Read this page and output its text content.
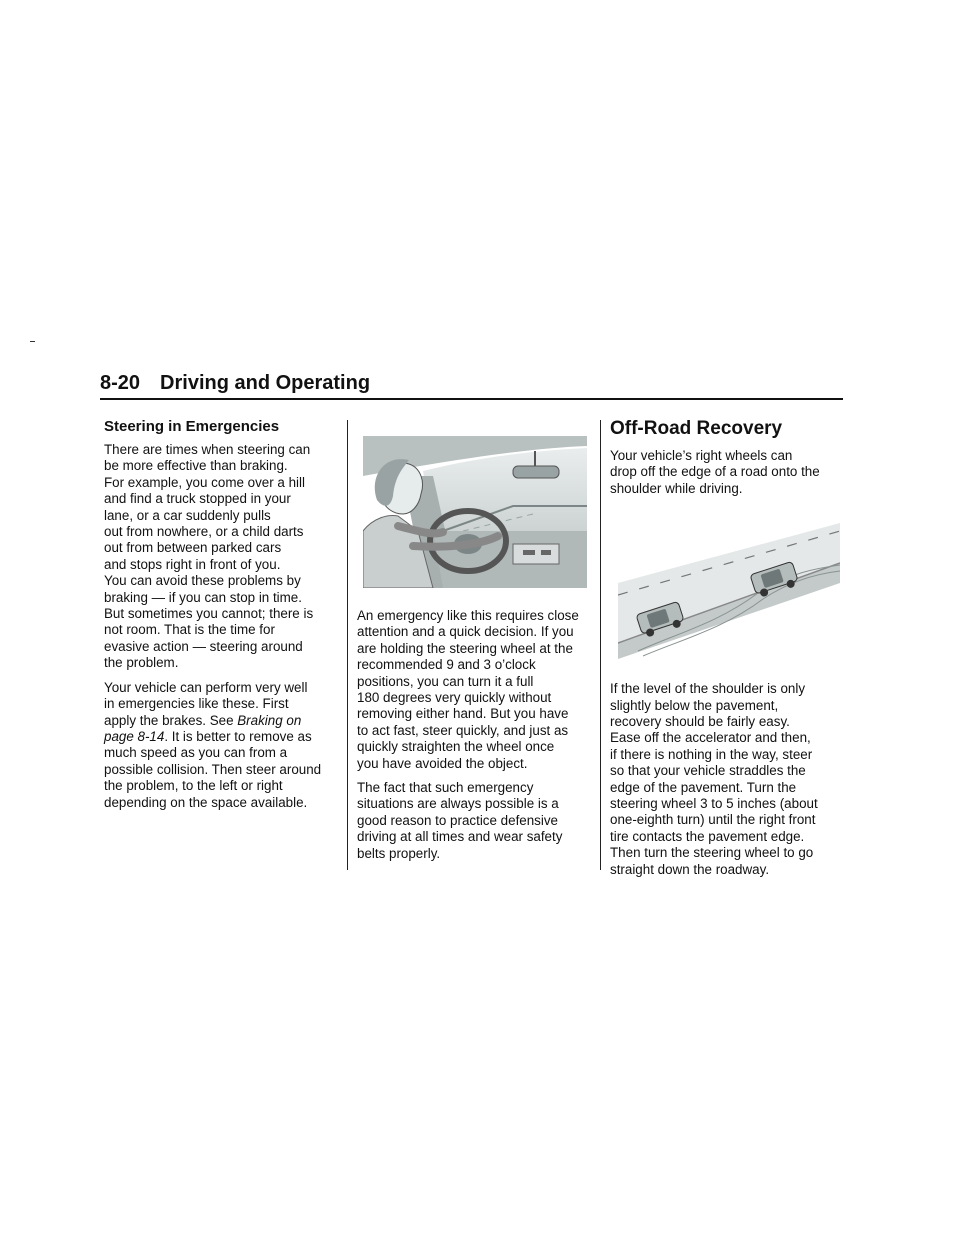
8-20 Driving and Operating
Steering in Emergencies

There are times when steering can
be more effective than braking.
For example, you come over a hill
and find a truck stopped in your
lane, or a car suddenly pulls
out from nowhere, or a child darts
out from between parked cars
and stops right in front of you.
You can avoid these problems by
braking — if you can stop in time.
But sometimes you cannot; there is
not room. That is the time for
evasive action — steering around
the problem.

Your vehicle can perform very well
in emergencies like these. First
apply the brakes. See Braking on
page 8-14. It is better to remove as
much speed as you can from a
possible collision. Then steer around
the problem, to the left or right
depending on the space available.

An emergency like this requires close
attention and a quick decision. If you
are holding the steering wheel at the
recommended 9 and 3 o’clock
positions, you can turn it a full
180 degrees very quickly without
removing either hand. But you have
to act fast, steer quickly, and just as
quickly straighten the wheel once
you have avoided the object.

The fact that such emergency
situations are always possible is a
good reason to practice defensive
driving at all times and wear safety
belts properly.

Off-Road Recovery

Your vehicle’s right wheels can
drop off the edge of a road onto the
shoulder while driving.

If the level of the shoulder is only
slightly below the pavement,
recovery should be fairly easy.
Ease off the accelerator and then,
if there is nothing in the way, steer
so that your vehicle straddles the
edge of the pavement. Turn the
steering wheel 3 to 5 inches (about
one-eighth turn) until the right front
tire contacts the pavement edge.
Then turn the steering wheel to go
straight down the roadway.
